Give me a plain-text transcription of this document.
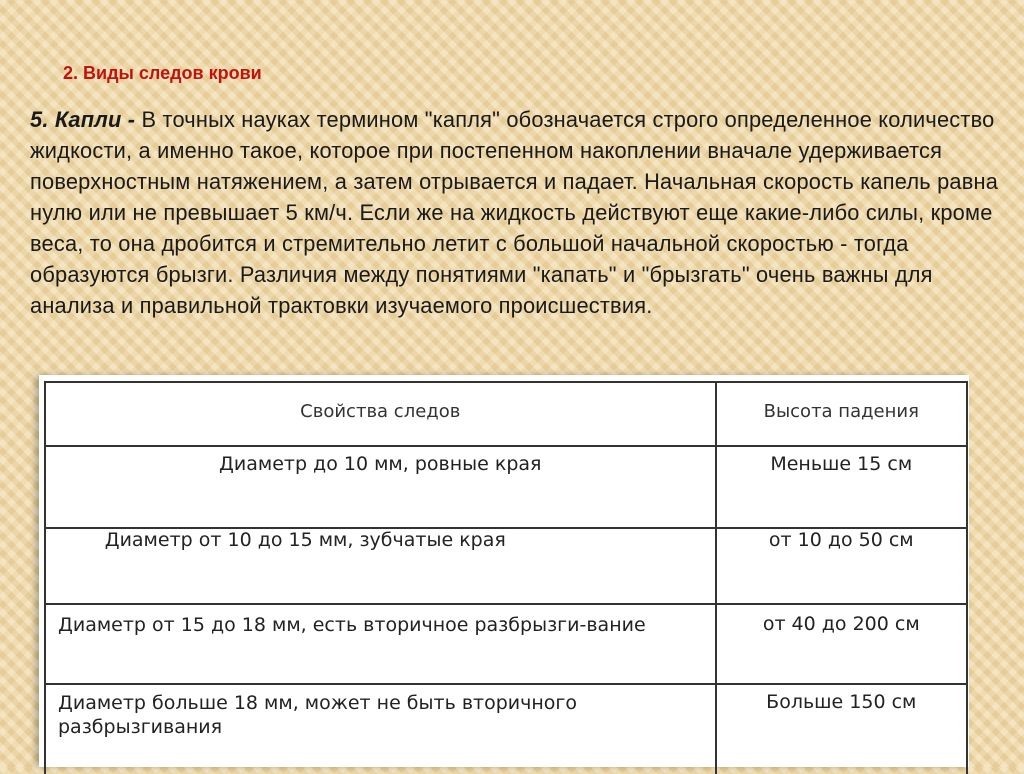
2. Виды следов крови

5. Капли - В точных науках термином "капля" обозначается строго определенное количество жидкости, а именно такое, которое при постепенном накоплении вначале удерживается поверхностным натяжением, а затем отрывается и падает. Начальная скорость капель равна нулю или не превышает 5 км/ч. Если же на жидкость действуют еще какие-либо силы, кроме веса, то она дробится и стремительно летит с большой начальной скоростью - тогда образуются брызги. Различия между понятиями "капать" и "брызгать" очень важны для анализа и правильной трактовки изучаемого происшествия.

Свойства следов	Высота падения
Диаметр до 10 мм, ровные края	Меньше 15 см
Диаметр от 10 до 15 мм, зубчатые края	от 10 до 50 см
Диаметр от 15 до 18 мм, есть вторичное разбрызги-вание	от 40 до 200 см
Диаметр больше 18 мм, может не быть вторичного разбрызгивания	Больше 150 см
